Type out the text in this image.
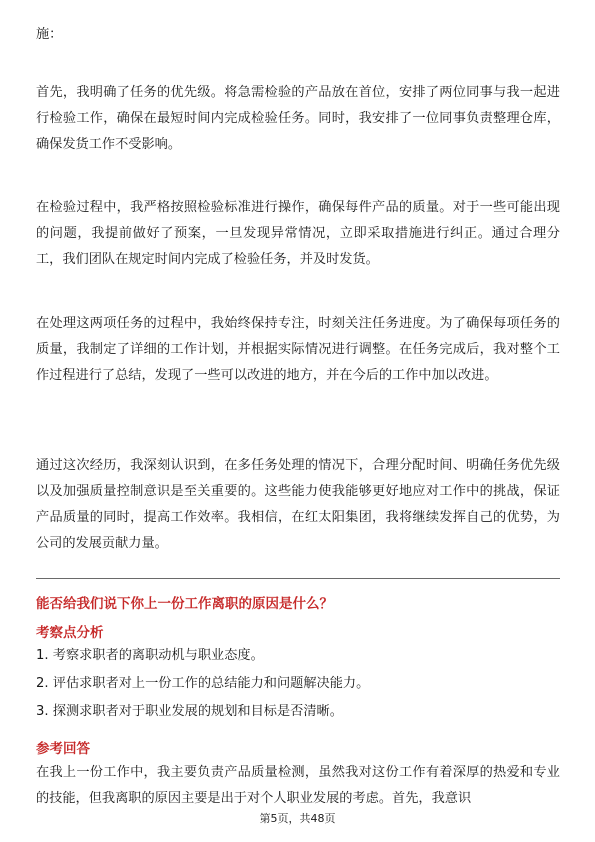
施：

首先，我明确了任务的优先级。将急需检验的产品放在首位，安排了两位同事与我一起进行检验工作，确保在最短时间内完成检验任务。同时，我安排了一位同事负责整理仓库，确保发货工作不受影响。

在检验过程中，我严格按照检验标准进行操作，确保每件产品的质量。对于一些可能出现的问题，我提前做好了预案，一旦发现异常情况，立即采取措施进行纠正。通过合理分工，我们团队在规定时间内完成了检验任务，并及时发货。

在处理这两项任务的过程中，我始终保持专注，时刻关注任务进度。为了确保每项任务的质量，我制定了详细的工作计划，并根据实际情况进行调整。在任务完成后，我对整个工作过程进行了总结，发现了一些可以改进的地方，并在今后的工作中加以改进。

通过这次经历，我深刻认识到，在多任务处理的情况下，合理分配时间、明确任务优先级以及加强质量控制意识是至关重要的。这些能力使我能够更好地应对工作中的挑战，保证产品质量的同时，提高工作效率。我相信，在红太阳集团，我将继续发挥自己的优势，为公司的发展贡献力量。

能否给我们说下你上一份工作离职的原因是什么？

考察点分析

1. 考察求职者的离职动机与职业态度。

2. 评估求职者对上一份工作的总结能力和问题解决能力。

3. 探测求职者对于职业发展的规划和目标是否清晰。

参考回答

在我上一份工作中，我主要负责产品质量检测，虽然我对这份工作有着深厚的热爱和专业的技能，但我离职的原因主要是出于对个人职业发展的考虑。首先，我意识

第5页，共48页
